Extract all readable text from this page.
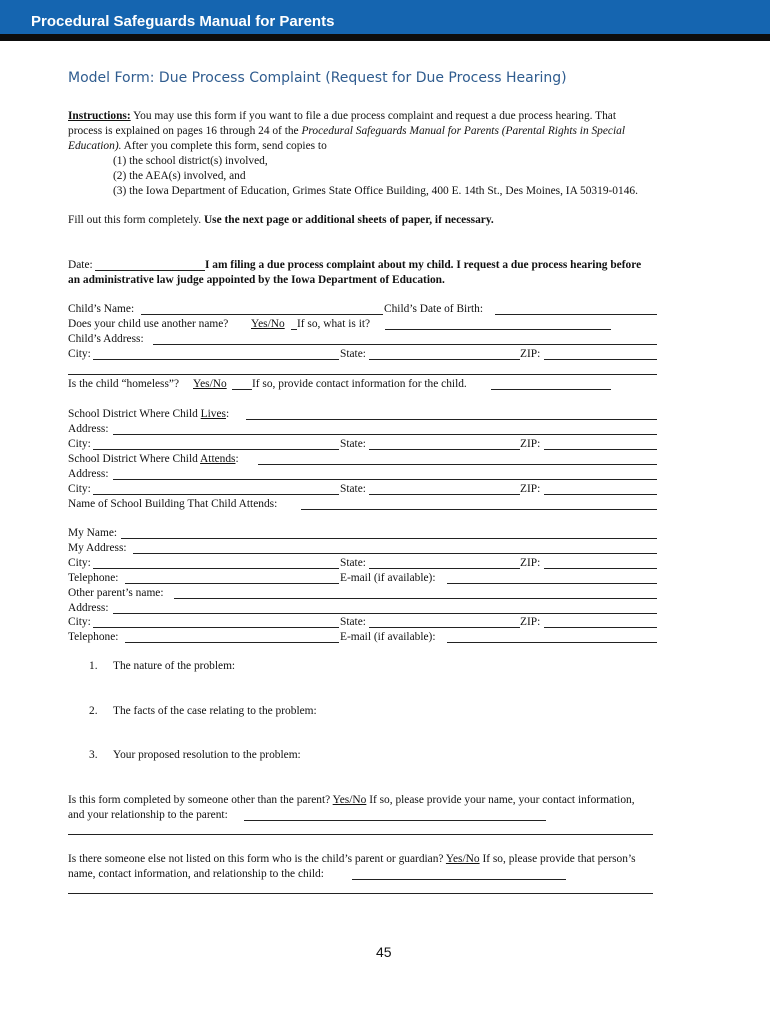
Procedural Safeguards Manual for Parents
Model Form: Due Process Complaint (Request for Due Process Hearing)
Instructions: You may use this form if you want to file a due process complaint and request a due process hearing. That
process is explained on pages 16 through 24 of the Procedural Safeguards Manual for Parents (Parental Rights in Special
Education). After you complete this form, send copies to
(1) the school district(s) involved,
(2) the AEA(s) involved, and
(3) the Iowa Department of Education, Grimes State Office Building, 400 E. 14th St., Des Moines, IA 50319-0146.
Fill out this form completely. Use the next page or additional sheets of paper, if necessary.
Date:	I am filing a due process complaint about my child. I request a due process hearing before
an administrative law judge appointed by the Iowa Department of Education.
Child’s Name:	Child’s Date of Birth:
Does your child use another name? Yes/No If so, what is it?
Child’s Address:
City:	State:	ZIP:
Is the child “homeless”? Yes/No If so, provide contact information for the child.
School District Where Child Lives:
Address:
City:	State:	ZIP:
School District Where Child Attends:
Address:
City:	State:	ZIP:
Name of School Building That Child Attends:
My Name:
My Address:
City:	State:	ZIP:
Telephone:	E-mail (if available):
Other parent’s name:
Address:
City:	State:	ZIP:
Telephone:	E-mail (if available):
1. The nature of the problem:
2. The facts of the case relating to the problem:
3. Your proposed resolution to the problem:
Is this form completed by someone other than the parent? Yes/No If so, please provide your name, your contact information,
and your relationship to the parent:
Is there someone else not listed on this form who is the child’s parent or guardian? Yes/No If so, please provide that person’s
name, contact information, and relationship to the child:
45
